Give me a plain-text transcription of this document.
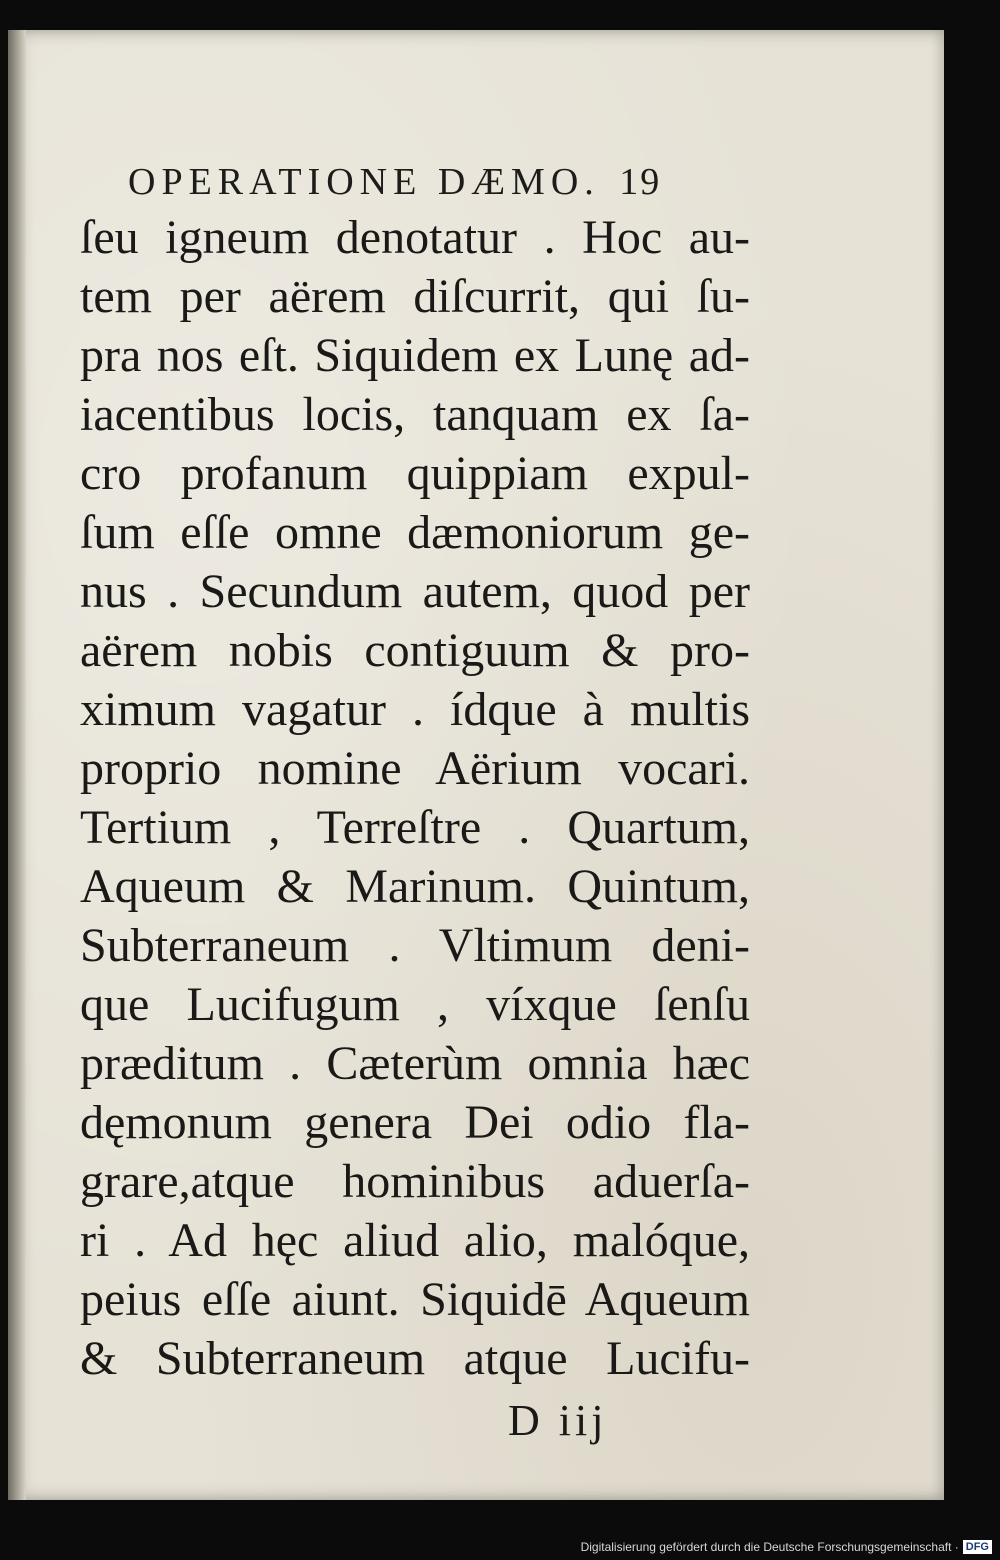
OPERATIONE DÆMO. 19
ſeu igneum denotatur . Hoc au-
tem per aërem diſcurrit, qui ſu-
pra nos eſt. Siquidem ex Lunę ad-
iacentibus locis, tanquam ex ſa-
cro profanum quippiam expul-
ſum eſſe omne dæmoniorum ge-
nus . Secundum autem, quod per
aërem nobis contiguum & pro-
ximum vagatur . ídque à multis
proprio nomine Aërium vocari.
Tertium , Terreſtre . Quartum,
Aqueum & Marinum. Quintum,
Subterraneum . Vltimum deni-
que Lucifugum , víxque ſenſu
præditum . Cæterùm omnia hæc
dęmonum genera Dei odio fla-
grare,atque hominibus aduerſa-
ri . Ad hęc aliud alio, malóque,
peius eſſe aiunt. Siquidē Aqueum
& Subterraneum atque Lucifu-
D iij
Digitalisierung gefördert durch die Deutsche Forschungsgemeinschaft · DFG
